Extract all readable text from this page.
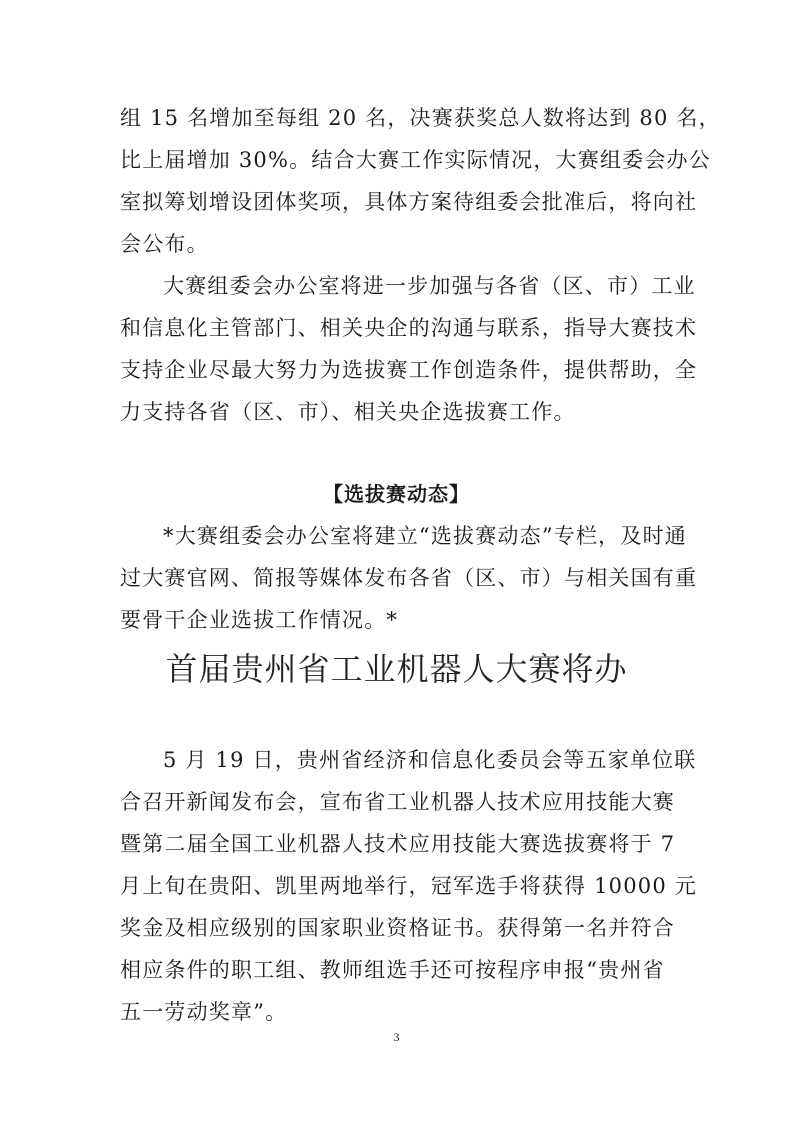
组 15 名增加至每组 20 名，决赛获奖总人数将达到 80 名，
比上届增加 30%。结合大赛工作实际情况，大赛组委会办公
室拟筹划增设团体奖项，具体方案待组委会批准后，将向社
会公布。
大赛组委会办公室将进一步加强与各省（区、市）工业
和信息化主管部门、相关央企的沟通与联系，指导大赛技术
支持企业尽最大努力为选拔赛工作创造条件，提供帮助，全
力支持各省（区、市）、相关央企选拔赛工作。
【选拔赛动态】
*大赛组委会办公室将建立“选拔赛动态”专栏，及时通
过大赛官网、简报等媒体发布各省（区、市）与相关国有重
要骨干企业选拔工作情况。*
首届贵州省工业机器人大赛将办
5 月 19 日，贵州省经济和信息化委员会等五家单位联
合召开新闻发布会，宣布省工业机器人技术应用技能大赛
暨第二届全国工业机器人技术应用技能大赛选拔赛将于 7
月上旬在贵阳、凯里两地举行，冠军选手将获得 10000 元
奖金及相应级别的国家职业资格证书。获得第一名并符合
相应条件的职工组、教师组选手还可按程序申报“贵州省
五一劳动奖章”。
3
